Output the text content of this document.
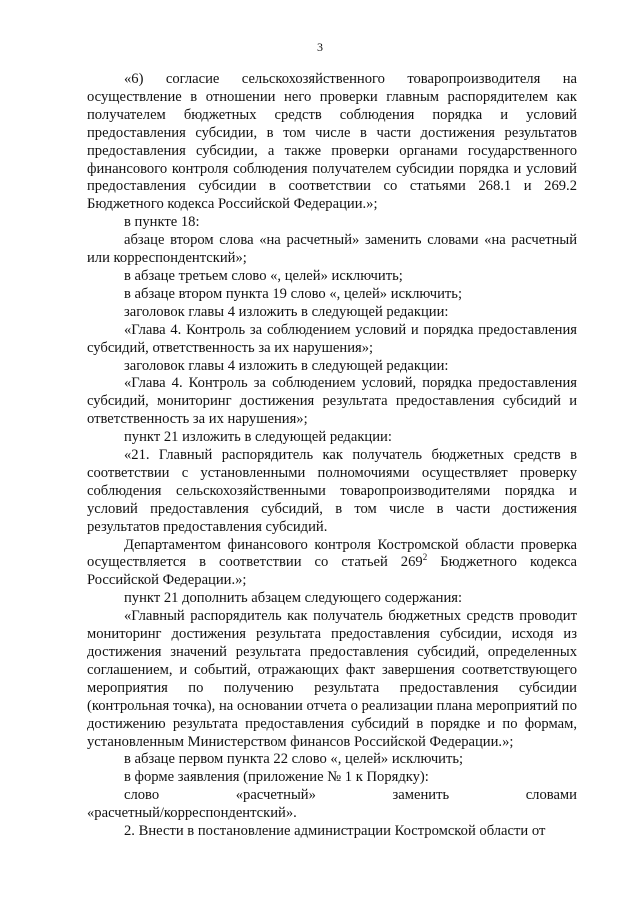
3

«6) согласие сельскохозяйственного товаропроизводителя на осуществление в отношении него проверки главным распорядителем как получателем бюджетных средств соблюдения порядка и условий предоставления субсидии, в том числе в части достижения результатов предоставления субсидии, а также проверки органами государственного финансового контроля соблюдения получателем субсидии порядка и условий предоставления субсидии в соответствии со статьями 268.1 и 269.2 Бюджетного кодекса Российской Федерации.»;

в пункте 18:

абзаце втором слова «на расчетный» заменить словами «на расчетный или корреспондентский»;

в абзаце третьем слово «, целей» исключить;

в абзаце втором пункта 19 слово «, целей» исключить;

заголовок главы 4 изложить в следующей редакции:

«Глава 4. Контроль за соблюдением условий и порядка предоставления субсидий, ответственность за их нарушения»;

заголовок главы 4 изложить в следующей редакции:

«Глава 4. Контроль за соблюдением условий, порядка предоставления субсидий, мониторинг достижения результата предоставления субсидий и ответственность за их нарушения»;

пункт 21 изложить в следующей редакции:

«21. Главный распорядитель как получатель бюджетных средств в соответствии с установленными полномочиями осуществляет проверку соблюдения сельскохозяйственными товаропроизводителями порядка и условий предоставления субсидий, в том числе в части достижения результатов предоставления субсидий.

Департаментом финансового контроля Костромской области проверка осуществляется в соответствии со статьей $269^2$ Бюджетного кодекса Российской Федерации.»;

пункт 21 дополнить абзацем следующего содержания:

«Главный распорядитель как получатель бюджетных средств проводит мониторинг достижения результата предоставления субсидии, исходя из достижения значений результата предоставления субсидий, определенных соглашением, и событий, отражающих факт завершения соответствующего мероприятия по получению результата предоставления субсидии (контрольная точка), на основании отчета о реализации плана мероприятий по достижению результата предоставления субсидий в порядке и по формам, установленным Министерством финансов Российской Федерации.»;

в абзаце первом пункта 22 слово «, целей» исключить;

в форме заявления (приложение № 1 к Порядку):

слово	«расчетный»	заменить	словами

«расчетный/корреспондентский».

2. Внести в постановление администрации Костромской области от
